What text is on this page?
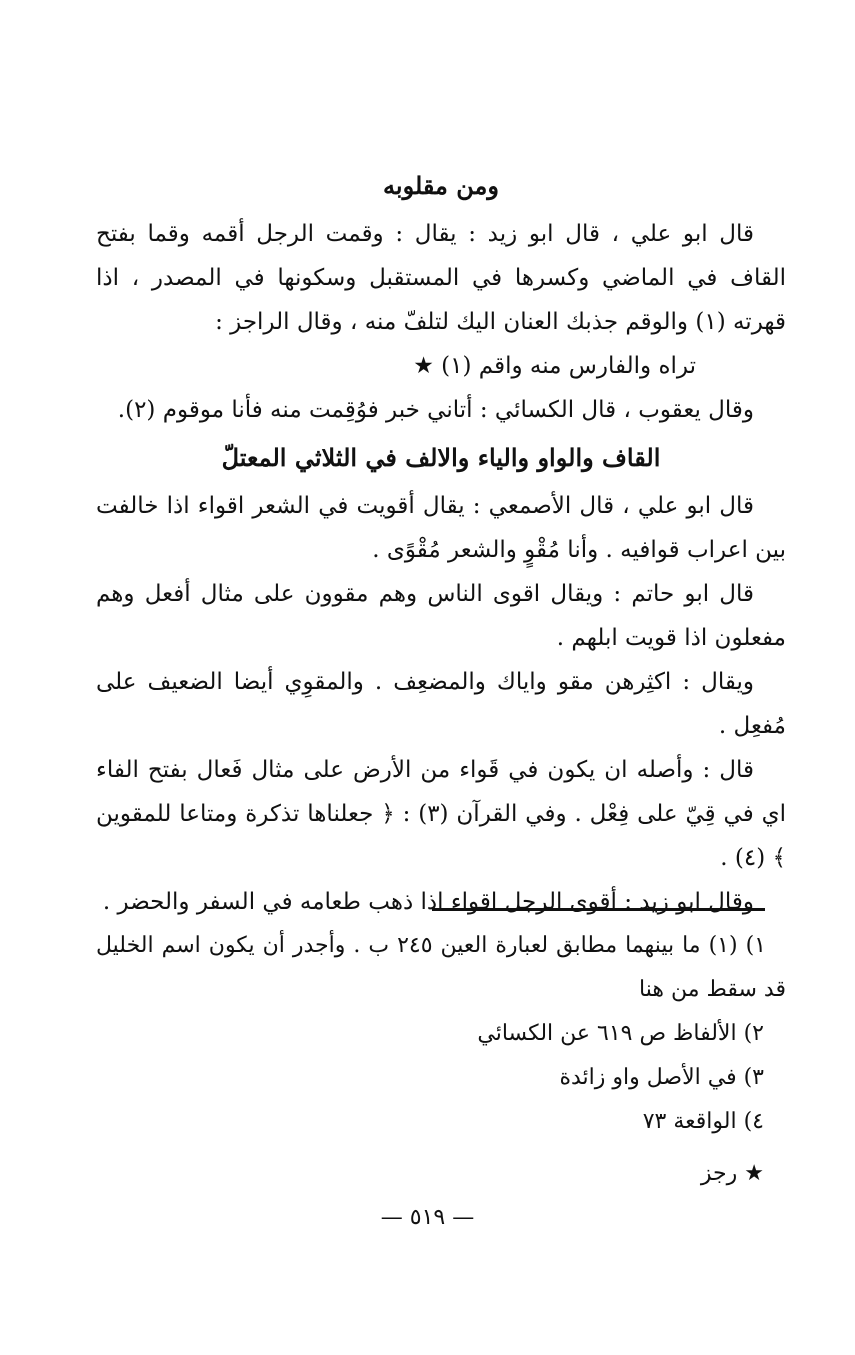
ومن مقلوبه

قال ابو علي ، قال ابو زيد : يقال : وقمت الرجل أقمه وقما بفتح القاف في الماضي وكسرها في المستقبل وسكونها في المصدر ، اذا قهرته (١) والوقم جذبك العنان اليك لتلفّ منه ، وقال الراجز :

تراه والفارس منه واقم (١) ★

وقال يعقوب ، قال الكسائي : أتاني خبر فوُقِمت منه فأنا موقوم (٢).

القاف والواو والياء والالف في الثلاثي المعتلّ

قال ابو علي ، قال الأصمعي : يقال أقويت في الشعر اقواء اذا خالفت بين اعراب قوافيه . وأنا مُقْوٍ والشعر مُقْوًى .

قال ابو حاتم : ويقال اقوى الناس وهم مقوون على مثال أفعل وهم مفعلون اذا قويت ابلهم .

ويقال : اكثِرهن مقو واياك والمضعِف . والمقوِي أيضا الضعيف على مُفعِل .

قال : وأصله ان يكون في قَواء من الأرض على مثال فَعال بفتح الفاء اي في قِيّ على فِعْل . وفي القرآن (٣) : ﴿ جعلناها تذكرة ومتاعا للمقوين ﴾ (٤) .

وقال ابو زيد : أقوى الرجل اقواء اذا ذهب طعامه في السفر والحضر .

١) (١) ما بينهما مطابق لعبارة العين ٢٤٥ ب . وأجدر أن يكون اسم الخليل قد سقط من هنا

٢) الألفاظ ص ٦١٩ عن الكسائي

٣) في الأصل واو زائدة

٤) الواقعة ٧٣

★ رجز

— ٥١٩ —
